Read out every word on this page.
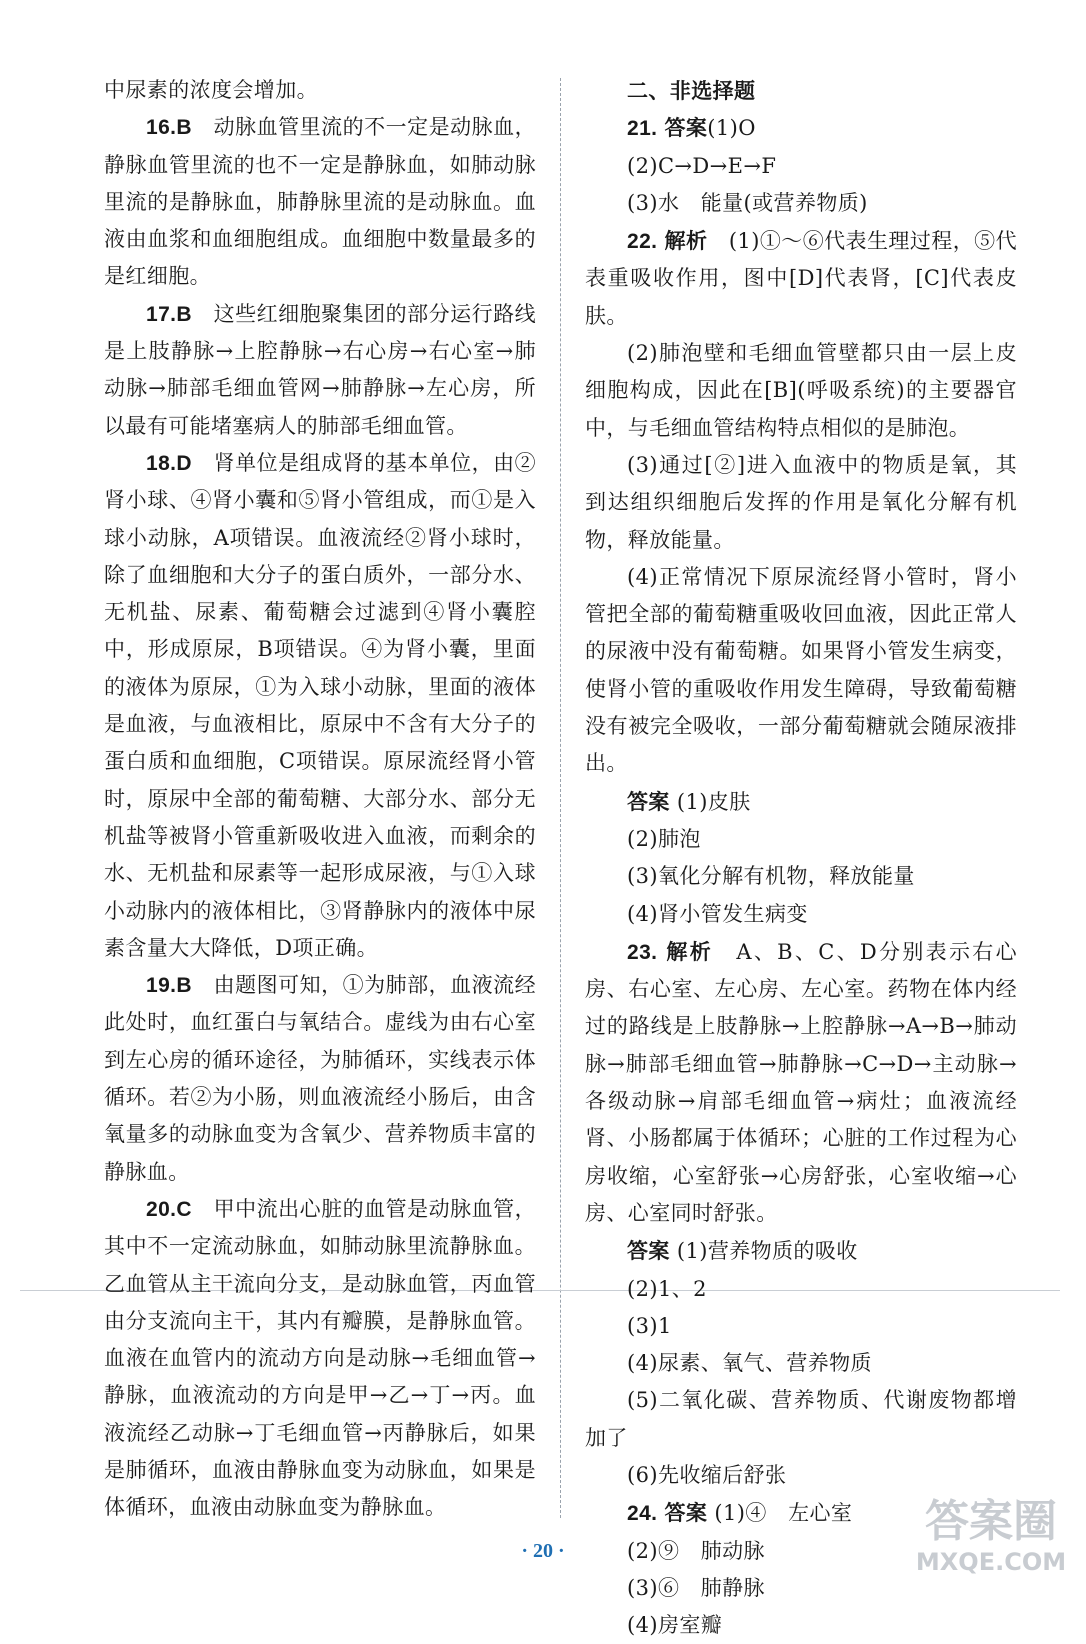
中尿素的浓度会增加。

16.B　 动脉血管里流的不一定是动脉血，静脉血管里流的也不一定是静脉血，如肺动脉里流的是静脉血，肺静脉里流的是动脉血。血液由血浆和血细胞组成。血细胞中数量最多的是红细胞。

17.B　 这些红细胞聚集团的部分运行路线是上肢静脉→上腔静脉→右心房→右心室→肺动脉→肺部毛细血管网→肺静脉→左心房，所以最有可能堵塞病人的肺部毛细血管。

18.D　 肾单位是组成肾的基本单位，由②肾小球、④肾小囊和⑤肾小管组成，而①是入球小动脉，A项错误。血液流经②肾小球时，除了血细胞和大分子的蛋白质外，一部分水、无机盐、尿素、葡萄糖会过滤到④肾小囊腔中，形成原尿，B项错误。④为肾小囊，里面的液体为原尿，①为入球小动脉，里面的液体是血液，与血液相比，原尿中不含有大分子的蛋白质和血细胞，C项错误。原尿流经肾小管时，原尿中全部的葡萄糖、大部分水、部分无机盐等被肾小管重新吸收进入血液，而剩余的水、无机盐和尿素等一起形成尿液，与①入球小动脉内的液体相比，③肾静脉内的液体中尿素含量大大降低，D项正确。

19.B　 由题图可知，①为肺部，血液流经此处时，血红蛋白与氧结合。虚线为由右心室到左心房的循环途径，为肺循环，实线表示体循环。若②为小肠，则血液流经小肠后，由含氧量多的动脉血变为含氧少、营养物质丰富的静脉血。

20.C　 甲中流出心脏的血管是动脉血管，其中不一定流动脉血，如肺动脉里流静脉血。乙血管从主干流向分支，是动脉血管，丙血管由分支流向主干，其内有瓣膜，是静脉血管。血液在血管内的流动方向是动脉→毛细血管→静脉，血液流动的方向是甲→乙→丁→丙。血液流经乙动脉→丁毛细血管→丙静脉后，如果是肺循环，血液由静脉血变为动脉血，如果是体循环，血液由动脉血变为静脉血。

二、非选择题

21. 答案(1)O

(2)C→D→E→F

(3)水　能量(或营养物质)

22. 解析　 (1)①～⑥代表生理过程，⑤代表重吸收作用，图中[D]代表肾，[C]代表皮肤。

(2)肺泡壁和毛细血管壁都只由一层上皮细胞构成，因此在[B](呼吸系统)的主要器官中，与毛细血管结构特点相似的是肺泡。

(3)通过[②]进入血液中的物质是氧，其到达组织细胞后发挥的作用是氧化分解有机物，释放能量。

(4)正常情况下原尿流经肾小管时，肾小管把全部的葡萄糖重吸收回血液，因此正常人的尿液中没有葡萄糖。如果肾小管发生病变，使肾小管的重吸收作用发生障碍，导致葡萄糖没有被完全吸收，一部分葡萄糖就会随尿液排出。

答案 (1)皮肤

(2)肺泡

(3)氧化分解有机物，释放能量

(4)肾小管发生病变

23. 解析　 A、B、C、D分别表示右心房、右心室、左心房、左心室。药物在体内经过的路线是上肢静脉→上腔静脉→A→B→肺动脉→肺部毛细血管→肺静脉→C→D→主动脉→各级动脉→肩部毛细血管→病灶；血液流经肾、小肠都属于体循环；心脏的工作过程为心房收缩，心室舒张→心房舒张，心室收缩→心房、心室同时舒张。

答案 (1)营养物质的吸收

(2)1、2

(3)1

(4)尿素、氧气、营养物质

(5)二氧化碳、营养物质、代谢废物都增加了

(6)先收缩后舒张

24. 答案 (1)④　左心室

(2)⑨　肺动脉

(3)⑥　肺静脉

(4)房室瓣

· 20 ·
答案圈
MXQE.COM
